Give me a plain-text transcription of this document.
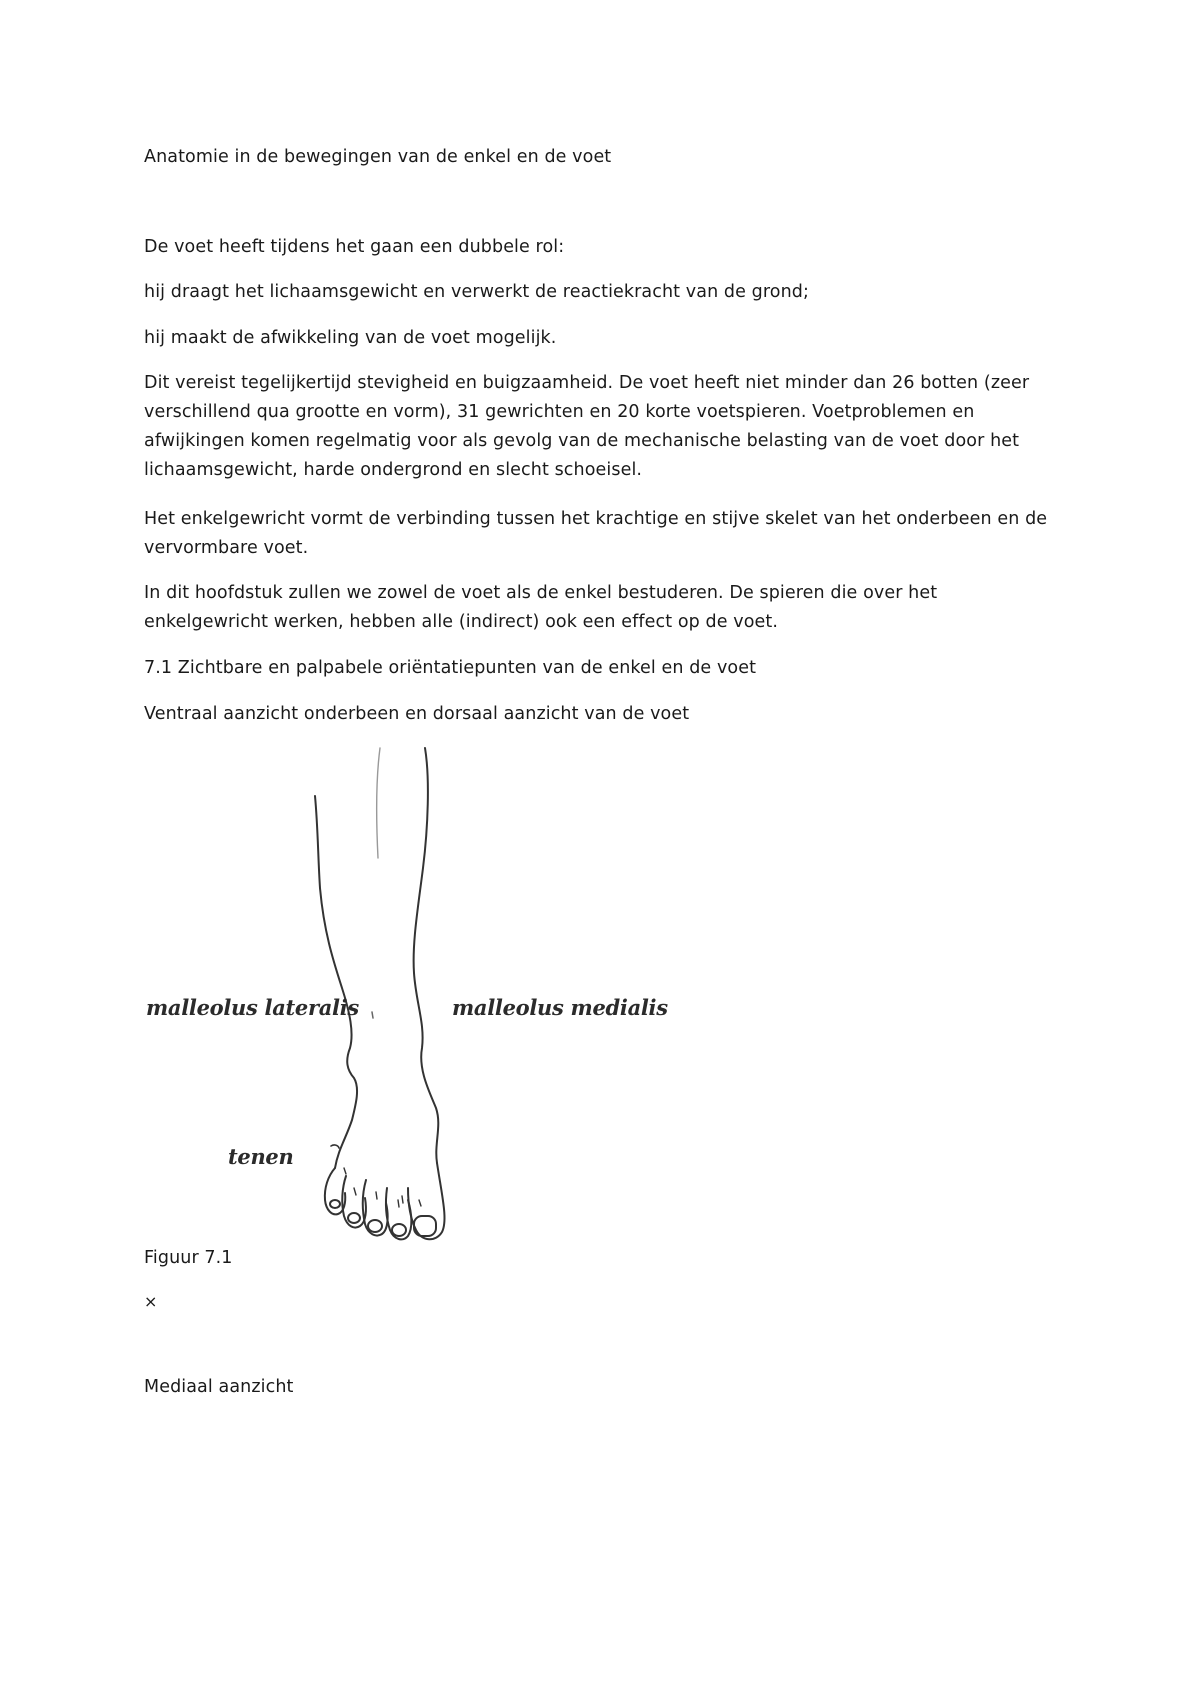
Anatomie in de bewegingen van de enkel en de voet

De voet heeft tijdens het gaan een dubbele rol:

hij draagt het lichaamsgewicht en verwerkt de reactiekracht van de grond;

hij maakt de afwikkeling van de voet mogelijk.

Dit vereist tegelijkertijd stevigheid en buigzaamheid. De voet heeft niet minder dan 26 botten (zeer verschillend qua grootte en vorm), 31 gewrichten en 20 korte voetspieren. Voetproblemen en afwijkingen komen regelmatig voor als gevolg van de mechanische belasting van de voet door het lichaamsgewicht, harde ondergrond en slecht schoeisel.

Het enkelgewricht vormt de verbinding tussen het krachtige en stijve skelet van het onderbeen en de vervormbare voet.

In dit hoofdstuk zullen we zowel de voet als de enkel bestuderen. De spieren die over het enkelgewricht werken, hebben alle (indirect) ook een effect op de voet.

7.1 Zichtbare en palpabele oriëntatiepunten van de enkel en de voet

Ventraal aanzicht onderbeen en dorsaal aanzicht van de voet

malleolus lateralis	malleolus medialis
tenen

Figuur 7.1

×

Mediaal aanzicht
